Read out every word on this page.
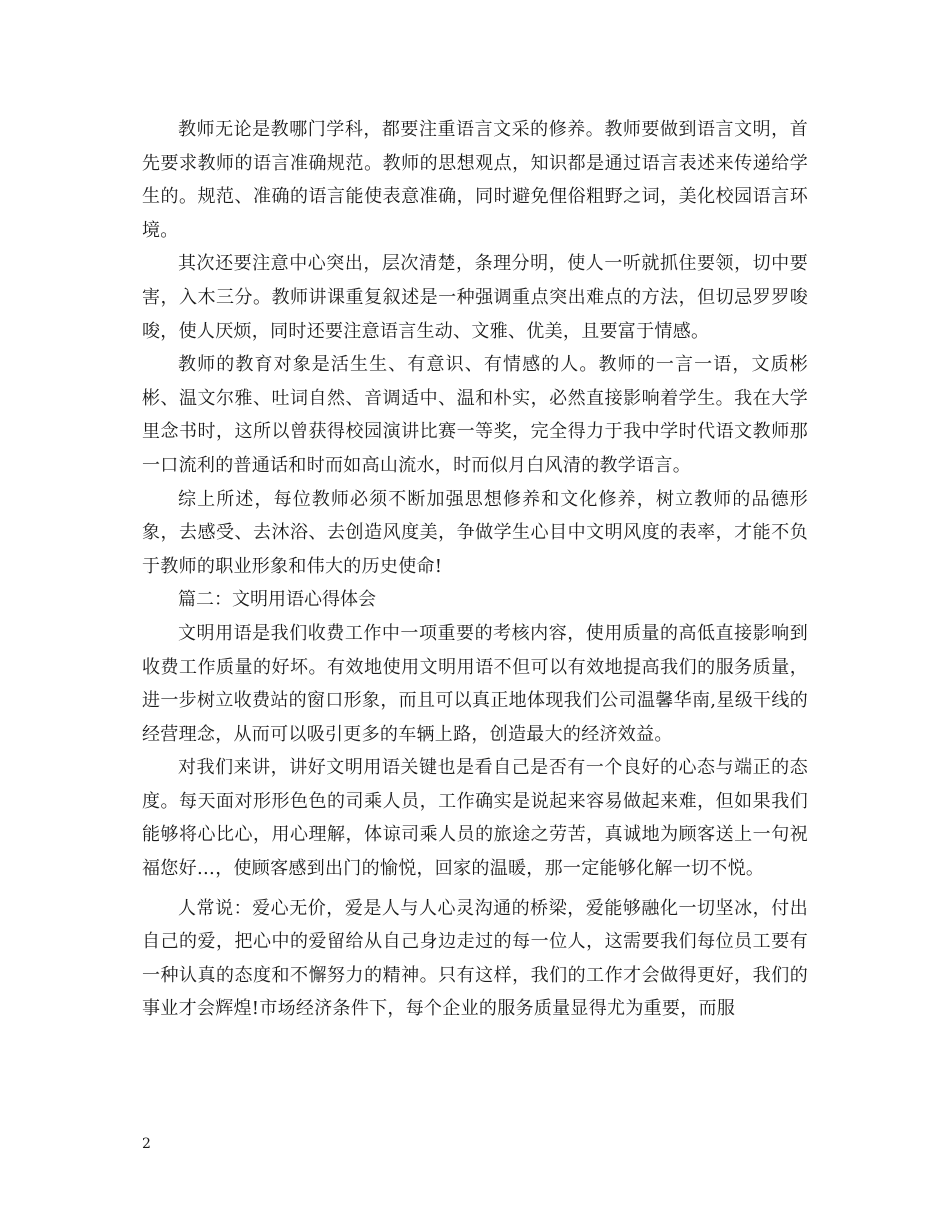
教师无论是教哪门学科，都要注重语言文采的修养。教师要做到语言文明，首先要求教师的语言准确规范。教师的思想观点，知识都是通过语言表述来传递给学生的。规范、准确的语言能使表意准确，同时避免俚俗粗野之词，美化校园语言环境。

其次还要注意中心突出，层次清楚，条理分明，使人一听就抓住要领，切中要害，入木三分。教师讲课重复叙述是一种强调重点突出难点的方法，但切忌罗罗唆唆，使人厌烦，同时还要注意语言生动、文雅、优美，且要富于情感。

教师的教育对象是活生生、有意识、有情感的人。教师的一言一语，文质彬彬、温文尔雅、吐词自然、音调适中、温和朴实，必然直接影响着学生。我在大学里念书时，这所以曾获得校园演讲比赛一等奖，完全得力于我中学时代语文教师那一口流利的普通话和时而如高山流水，时而似月白风清的教学语言。

综上所述，每位教师必须不断加强思想修养和文化修养，树立教师的品德形象，去感受、去沐浴、去创造风度美，争做学生心目中文明风度的表率，才能不负于教师的职业形象和伟大的历史使命!

篇二：文明用语心得体会

文明用语是我们收费工作中一项重要的考核内容，使用质量的高低直接影响到收费工作质量的好坏。有效地使用文明用语不但可以有效地提高我们的服务质量，进一步树立收费站的窗口形象，而且可以真正地体现我们公司温馨华南,星级干线的经营理念，从而可以吸引更多的车辆上路，创造最大的经济效益。

对我们来讲，讲好文明用语关键也是看自己是否有一个良好的心态与端正的态度。每天面对形形色色的司乘人员，工作确实是说起来容易做起来难，但如果我们能够将心比心，用心理解，体谅司乘人员的旅途之劳苦，真诚地为顾客送上一句祝福您好…，使顾客感到出门的愉悦，回家的温暖，那一定能够化解一切不悦。

人常说：爱心无价，爱是人与人心灵沟通的桥梁，爱能够融化一切坚冰，付出自己的爱，把心中的爱留给从自己身边走过的每一位人，这需要我们每位员工要有一种认真的态度和不懈努力的精神。只有这样，我们的工作才会做得更好，我们的事业才会辉煌!市场经济条件下，每个企业的服务质量显得尤为重要，而服

2
